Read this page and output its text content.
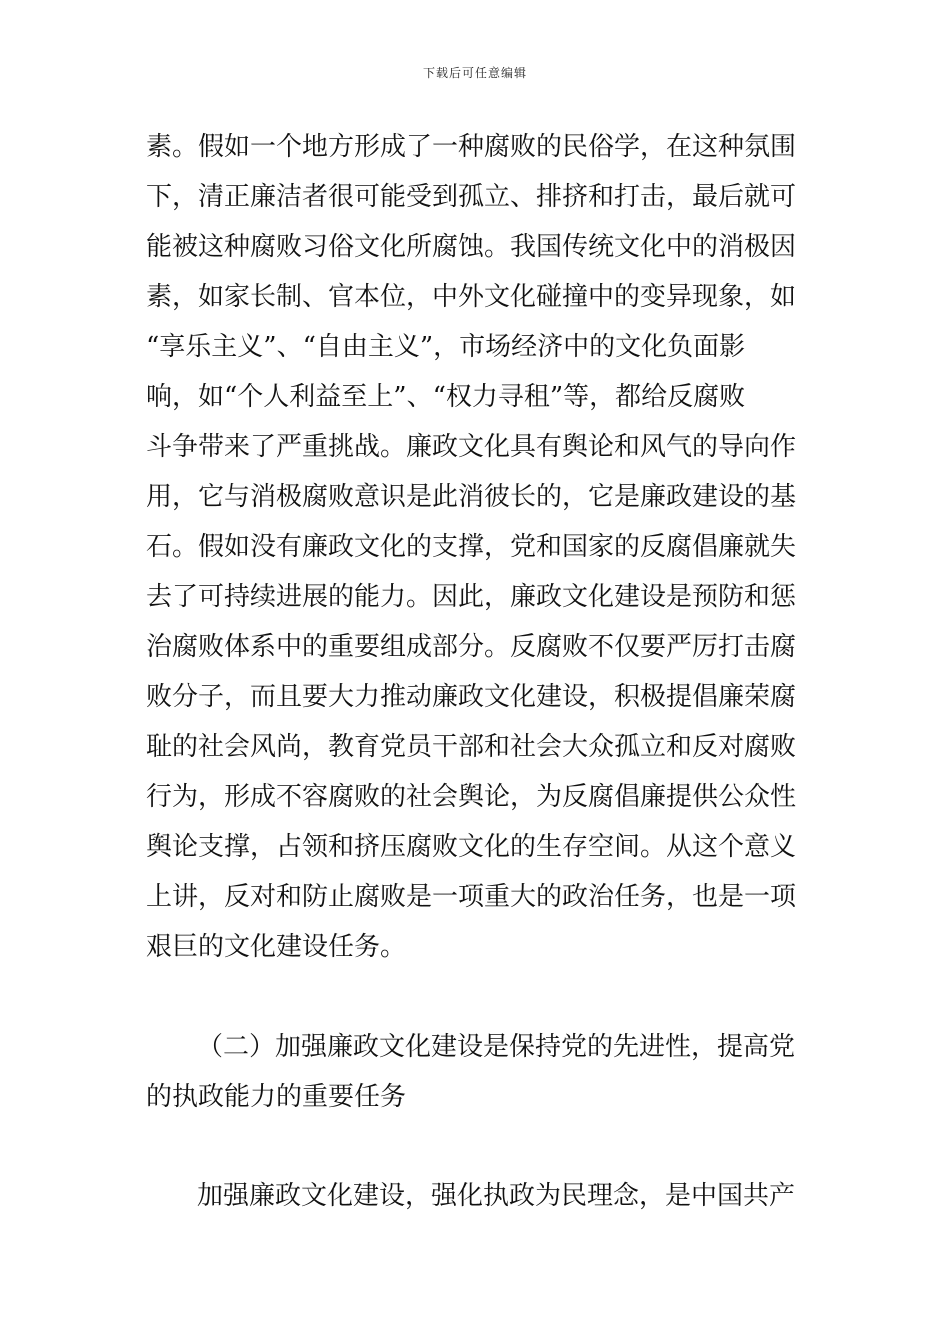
下载后可任意编辑
素。假如一个地方形成了一种腐败的民俗学，在这种氛围
下，清正廉洁者很可能受到孤立、排挤和打击，最后就可
能被这种腐败习俗文化所腐蚀。我国传统文化中的消极因
素，如家长制、官本位，中外文化碰撞中的变异现象，如
“享乐主义”、“自由主义”，市场经济中的文化负面影
响，如“个人利益至上”、“权力寻租”等，都给反腐败
斗争带来了严重挑战。廉政文化具有舆论和风气的导向作
用，它与消极腐败意识是此消彼长的，它是廉政建设的基
石。假如没有廉政文化的支撑，党和国家的反腐倡廉就失
去了可持续进展的能力。因此，廉政文化建设是预防和惩
治腐败体系中的重要组成部分。反腐败不仅要严厉打击腐
败分子，而且要大力推动廉政文化建设，积极提倡廉荣腐
耻的社会风尚，教育党员干部和社会大众孤立和反对腐败
行为，形成不容腐败的社会舆论，为反腐倡廉提供公众性
舆论支撑，占领和挤压腐败文化的生存空间。从这个意义
上讲，反对和防止腐败是一项重大的政治任务，也是一项
艰巨的文化建设任务。
（二）加强廉政文化建设是保持党的先进性，提高党
的执政能力的重要任务
加强廉政文化建设，强化执政为民理念，是中国共产
